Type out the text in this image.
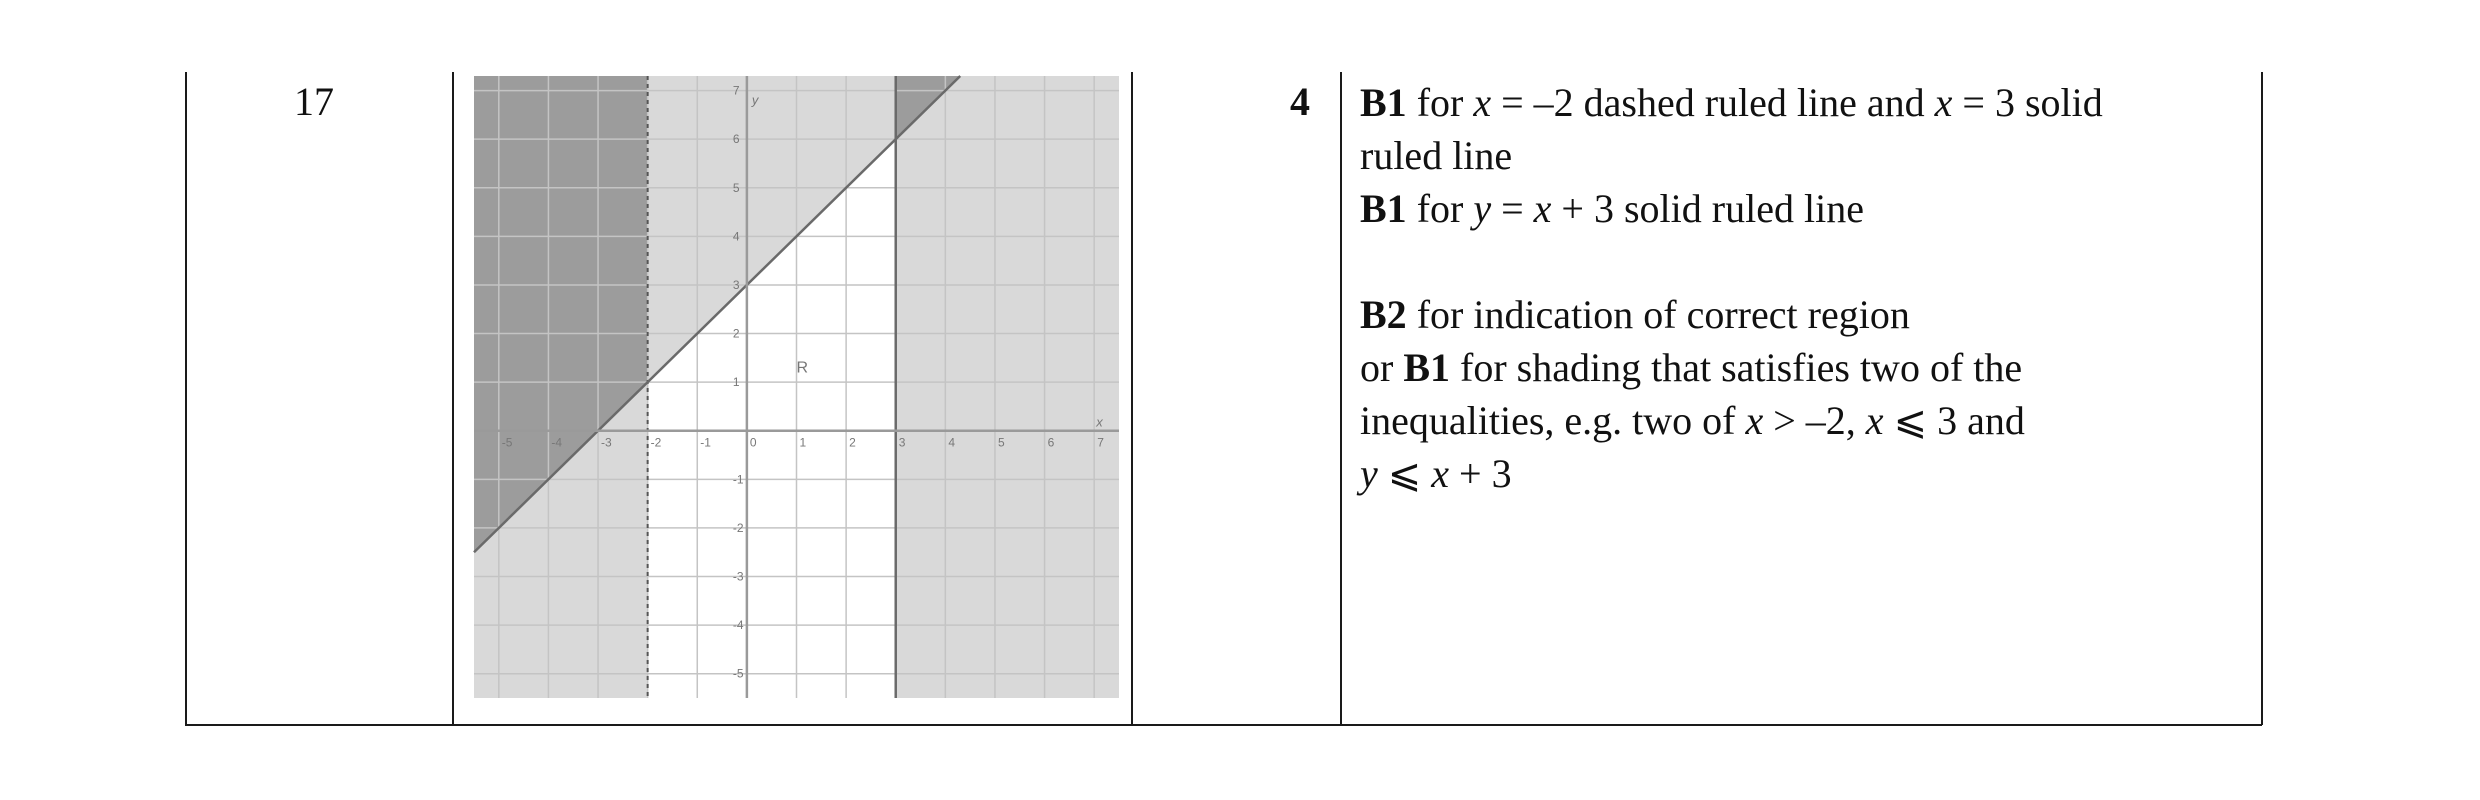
17
-5	-4	-3	-2	-1	0	1	2	3	4	5	6	7
-5
-4
-3
-2
-1
1
2
3
4
5
6
7
x
y
R
4 B1 for x = –2 dashed ruled line and x = 3 solid

ruled line

B1 for y = x + 3 solid ruled line

B2 for indication of correct region

or B1 for shading that satisfies two of the

inequalities, e.g. two of x > –2, x ⩽ 3 and

y ⩽ x + 3
